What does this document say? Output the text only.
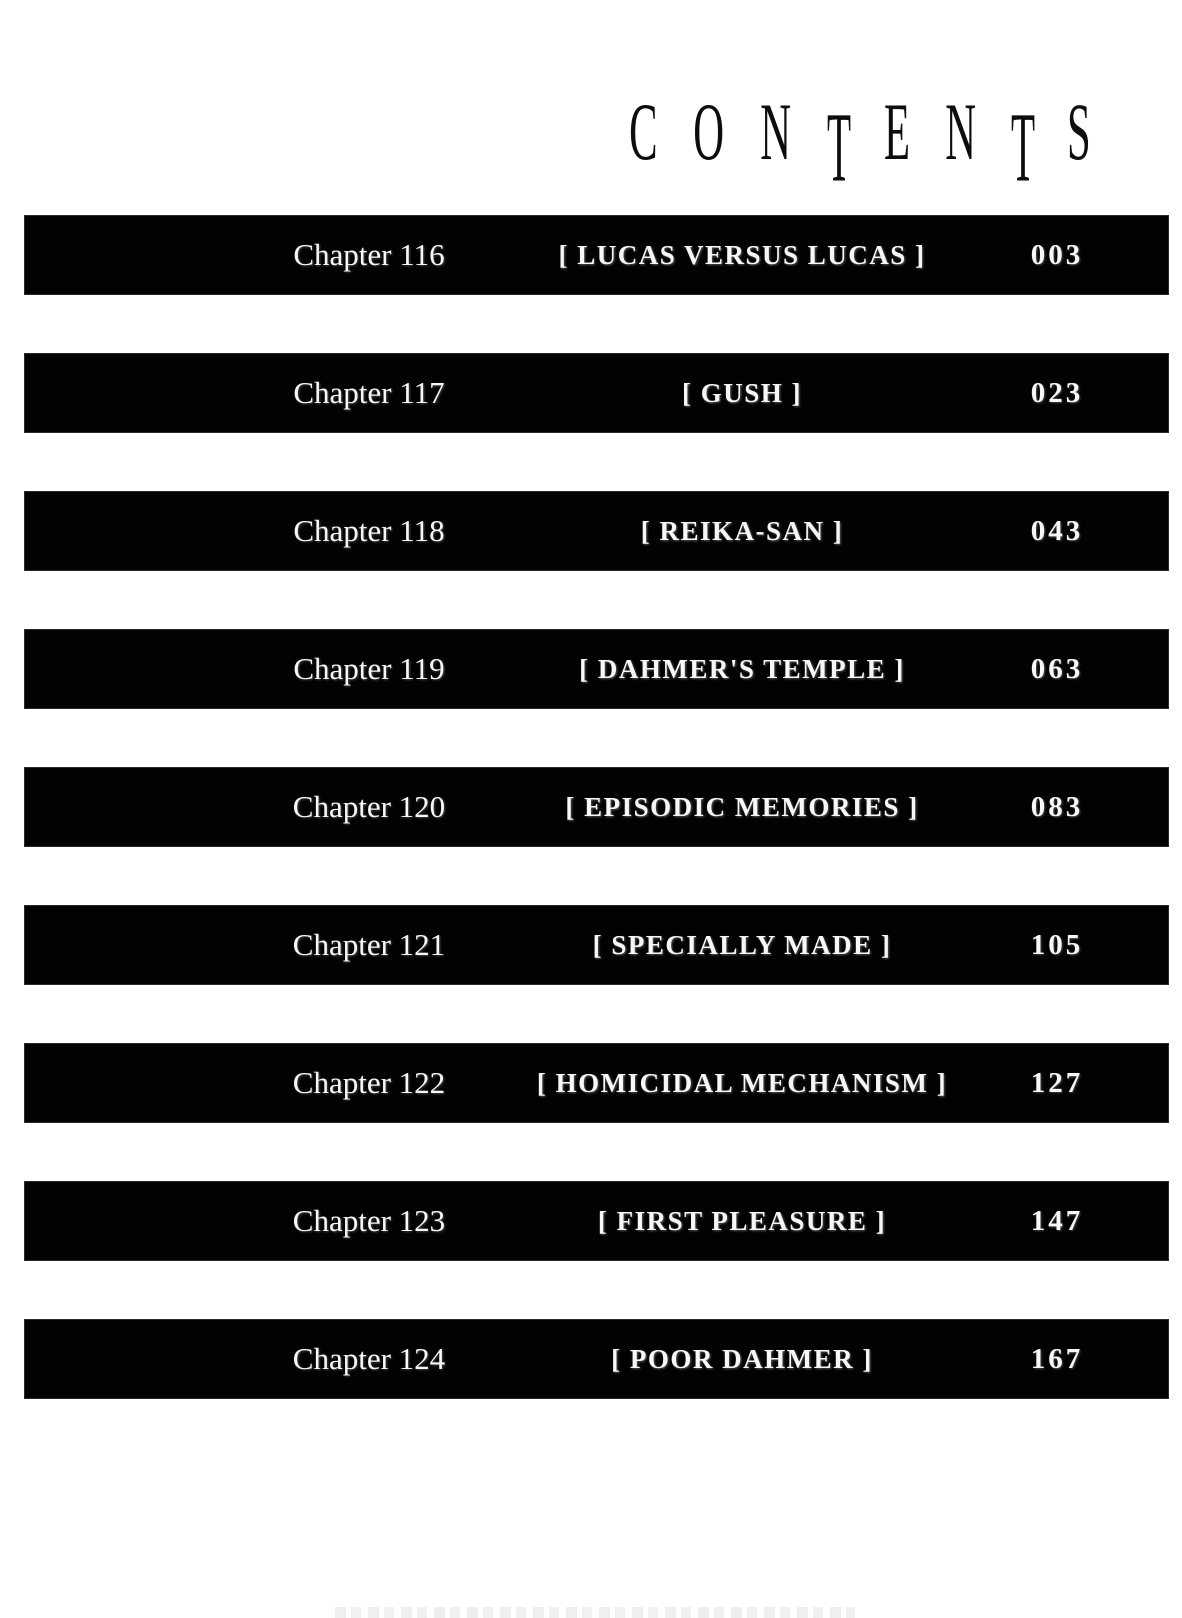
C O N T E N T S
Chapter 116	[ LUCAS VERSUS LUCAS ]	003
Chapter 117	[ GUSH ]	023
Chapter 118	[ REIKA-SAN ]	043
Chapter 119	[ DAHMER'S TEMPLE ]	063
Chapter 120	[ EPISODIC MEMORIES ]	083
Chapter 121	[ SPECIALLY MADE ]	105
Chapter 122	[ HOMICIDAL MECHANISM ]	127
Chapter 123	[ FIRST PLEASURE ]	147
Chapter 124	[ POOR DAHMER ]	167
